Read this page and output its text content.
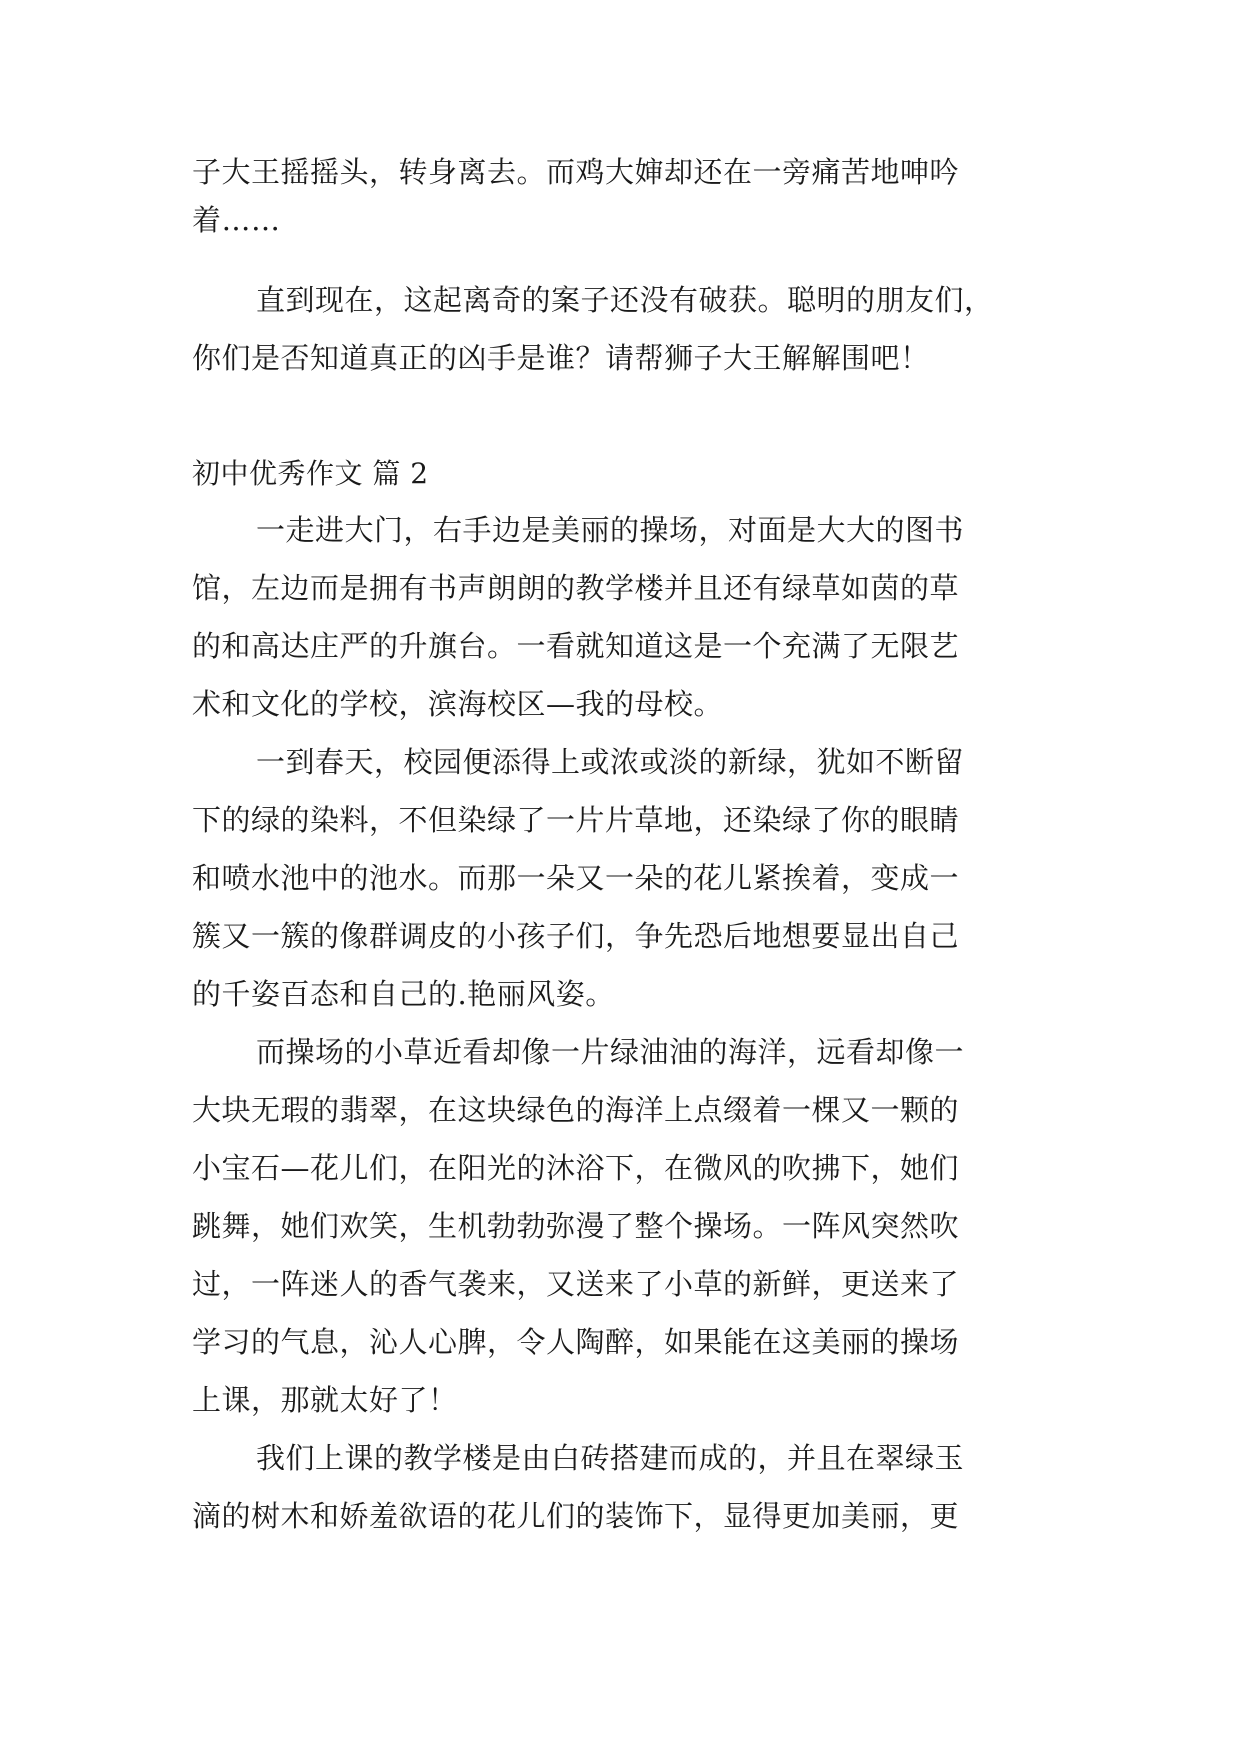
子大王摇摇头，转身离去。而鸡大婶却还在一旁痛苦地呻吟
着……
直到现在，这起离奇的案子还没有破获。聪明的朋友们，
你们是否知道真正的凶手是谁？请帮狮子大王解解围吧！
初中优秀作文 篇 2
一走进大门，右手边是美丽的操场，对面是大大的图书
馆，左边而是拥有书声朗朗的教学楼并且还有绿草如茵的草
的和高达庄严的升旗台。一看就知道这是一个充满了无限艺
术和文化的学校，滨海校区—我的母校。
一到春天，校园便添得上或浓或淡的新绿，犹如不断留
下的绿的染料，不但染绿了一片片草地，还染绿了你的眼睛
和喷水池中的池水。而那一朵又一朵的花儿紧挨着，变成一
簇又一簇的像群调皮的小孩子们，争先恐后地想要显出自己
的千姿百态和自己的.艳丽风姿。
而操场的小草近看却像一片绿油油的海洋，远看却像一
大块无瑕的翡翠，在这块绿色的海洋上点缀着一棵又一颗的
小宝石—花儿们，在阳光的沐浴下，在微风的吹拂下，她们
跳舞，她们欢笑，生机勃勃弥漫了整个操场。一阵风突然吹
过，一阵迷人的香气袭来，又送来了小草的新鲜，更送来了
学习的气息，沁人心脾，令人陶醉，如果能在这美丽的操场
上课，那就太好了！
我们上课的教学楼是由白砖搭建而成的，并且在翠绿玉
滴的树木和娇羞欲语的花儿们的装饰下，显得更加美丽，更
